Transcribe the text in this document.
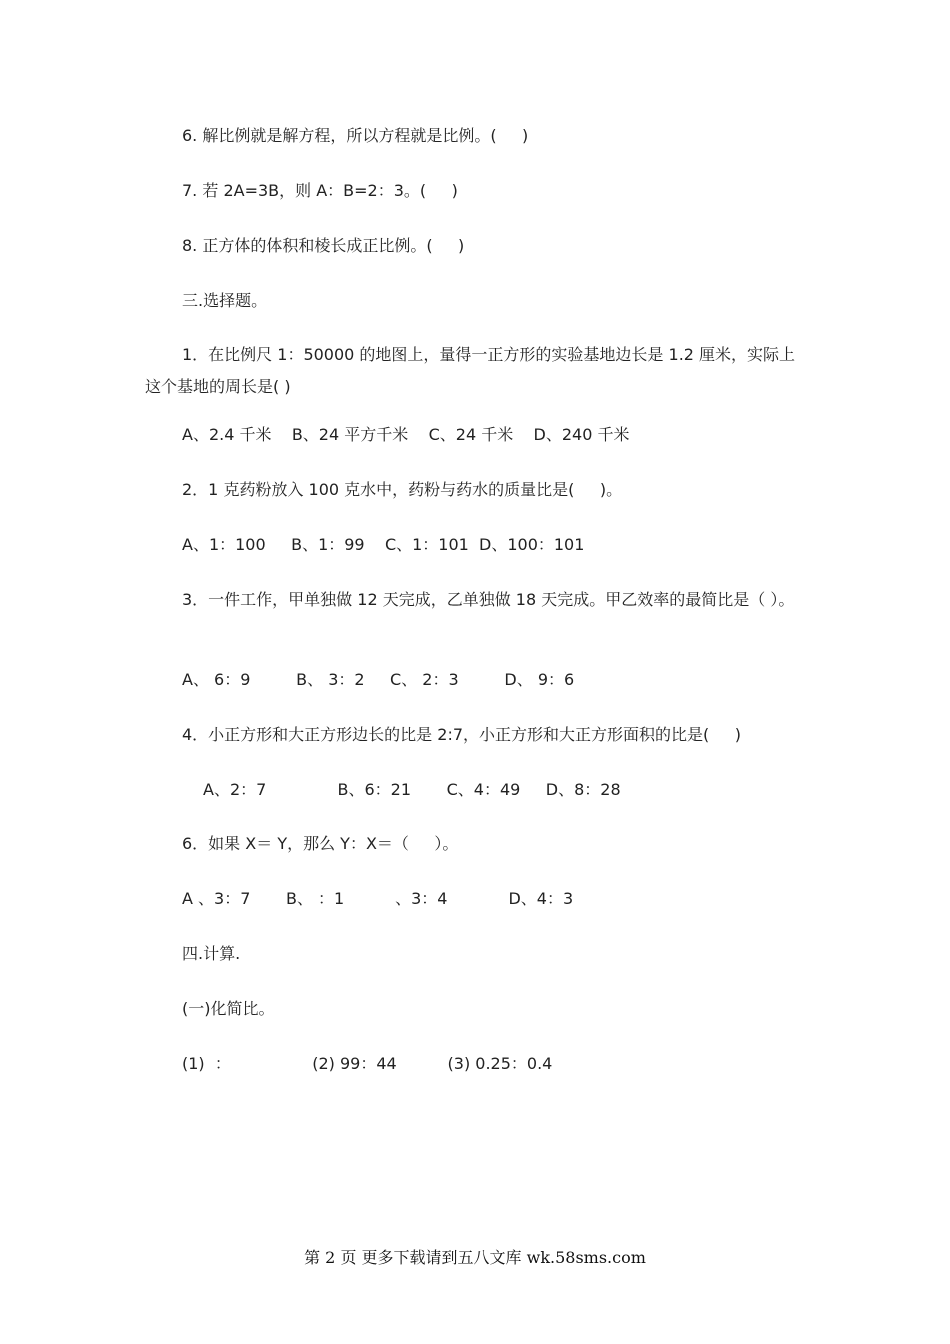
6. 解比例就是解方程，所以方程就是比例。(     )
7. 若 2A=3B，则 A：B=2：3。(     )
8. 正方体的体积和棱长成正比例。(     )
三.选择题。
1．在比例尺 1：50000 的地图上，量得一正方形的实验基地边长是 1.2 厘米，实际上这个基地的周长是( )
A、2.4 千米    B、24 平方千米    C、24 千米    D、240 千米
2．1 克药粉放入 100 克水中，药粉与药水的质量比是(     )。
A、1：100     B、1：99    C、1：101  D、100：101
3．一件工作，甲单独做 12 天完成，乙单独做 18 天完成。甲乙效率的最简比是（ ）。
A、 6：9         B、 3：2     C、 2：3         D、 9：6
4．小正方形和大正方形边长的比是 2:7，小正方形和大正方形面积的比是(     )
A、2：7              B、6：21       C、4：49     D、8：28
6．如果 X＝ Y，那么 Y：X＝（     ）。
A 、3：7       B、 ：1          、3：4            D、4：3
四.计算.
(一)化简比。
(1)  ：                (2) 99：44          (3) 0.25：0.4
第 2 页 更多下载请到五八文库 wk.58sms.com
